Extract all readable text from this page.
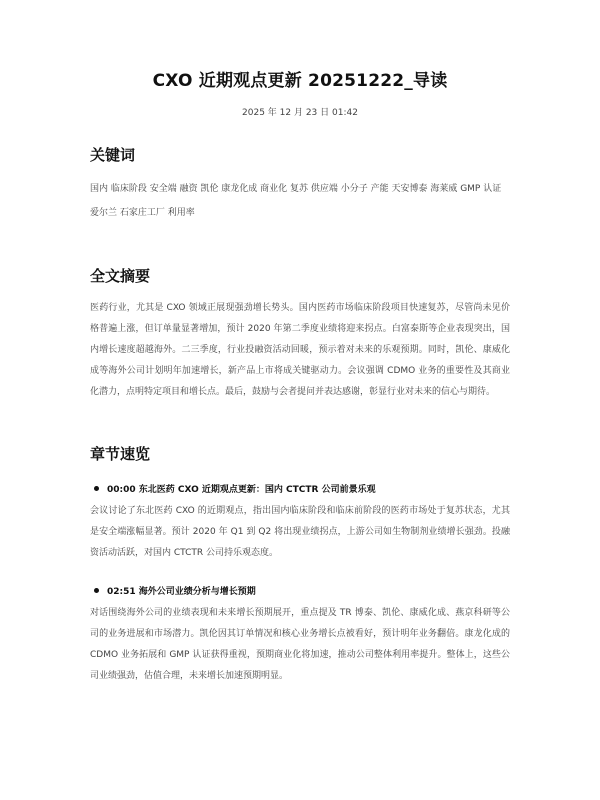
CXO 近期观点更新 20251222_导读
2025 年 12 月 23 日 01:42
关键词
国内 临床阶段 安全端 融资 凯伦 康龙化成 商业化 复苏 供应端 小分子 产能 天安博泰 海莱威 GMP 认证 爱尔兰 石家庄工厂 利用率
全文摘要
医药行业，尤其是 CXO 领域正展现强劲增长势头。国内医药市场临床阶段项目快速复苏，尽管尚未见价格普遍上涨，但订单量显著增加，预计 2020 年第二季度业绩将迎来拐点。白富泰斯等企业表现突出，国内增长速度超越海外。二三季度，行业投融资活动回暖，预示着对未来的乐观预期。同时，凯伦、康威化成等海外公司计划明年加速增长，新产品上市将成关键驱动力。会议强调 CDMO 业务的重要性及其商业化潜力，点明特定项目和增长点。最后，鼓励与会者提问并表达感谢，彰显行业对未来的信心与期待。
章节速览
00:00 东北医药 CXO 近期观点更新：国内 CTCTR 公司前景乐观
会议讨论了东北医药 CXO 的近期观点，指出国内临床阶段和临床前阶段的医药市场处于复苏状态，尤其是安全端涨幅显著。预计 2020 年 Q1 到 Q2 将出现业绩拐点，上游公司如生物制剂业绩增长强劲。投融资活动活跃，对国内 CTCTR 公司持乐观态度。
02:51 海外公司业绩分析与增长预期
对话围绕海外公司的业绩表现和未来增长预期展开，重点提及 TR 博泰、凯伦、康威化成、燕京科研等公司的业务进展和市场潜力。凯伦因其订单情况和核心业务增长点被看好，预计明年业务翻倍。康龙化成的 CDMO 业务拓展和 GMP 认证获得重视，预期商业化将加速，推动公司整体利用率提升。整体上，这些公司业绩强劲，估值合理，未来增长加速预期明显。
